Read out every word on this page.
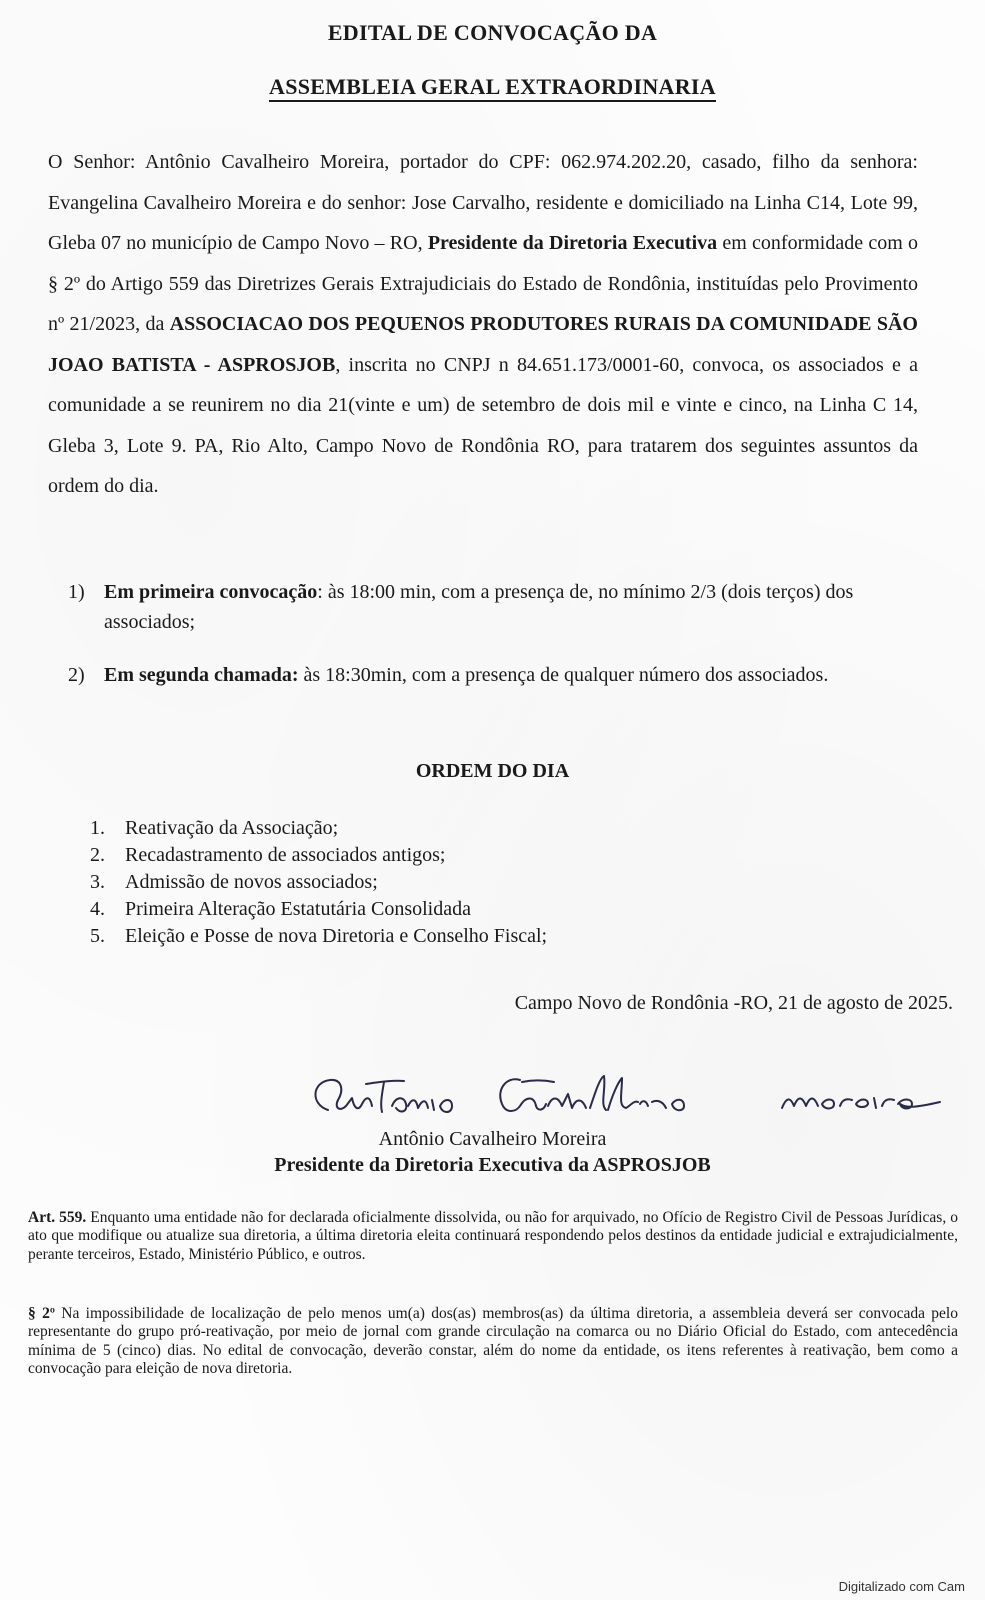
EDITAL DE CONVOCAÇÃO DA
ASSEMBLEIA GERAL EXTRAORDINARIA
O Senhor: Antônio Cavalheiro Moreira, portador do CPF: 062.974.202.20, casado, filho da senhora: Evangelina Cavalheiro Moreira e do senhor: Jose Carvalho, residente e domiciliado na Linha C14, Lote 99, Gleba 07 no município de Campo Novo – RO, Presidente da Diretoria Executiva em conformidade com o § 2º do Artigo 559 das Diretrizes Gerais Extrajudiciais do Estado de Rondônia, instituídas pelo Provimento nº 21/2023, da ASSOCIACAO DOS PEQUENOS PRODUTORES RURAIS DA COMUNIDADE SÃO JOAO BATISTA - ASPROSJOB, inscrita no CNPJ n 84.651.173/0001-60, convoca, os associados e a comunidade a se reunirem no dia 21(vinte e um) de setembro de dois mil e vinte e cinco, na Linha C 14, Gleba 3, Lote 9. PA, Rio Alto, Campo Novo de Rondônia RO, para tratarem dos seguintes assuntos da ordem do dia.
1) Em primeira convocação: às 18:00 min, com a presença de, no mínimo 2/3 (dois terços) dos associados;
2) Em segunda chamada: às 18:30min, com a presença de qualquer número dos associados.
ORDEM DO DIA
1.	Reativação da Associação;
2.	Recadastramento de associados antigos;
3.	Admissão de novos associados;
4.	Primeira Alteração Estatutária Consolidada
5.	Eleição e Posse de nova Diretoria e Conselho Fiscal;
Campo Novo de Rondônia -RO, 21 de agosto de 2025.
Antônio Cavalheiro Moreira
Presidente da Diretoria Executiva da ASPROSJOB
Art. 559. Enquanto uma entidade não for declarada oficialmente dissolvida, ou não for arquivado, no Ofício de Registro Civil de Pessoas Jurídicas, o ato que modifique ou atualize sua diretoria, a última diretoria eleita continuará respondendo pelos destinos da entidade judicial e extrajudicialmente, perante terceiros, Estado, Ministério Público, e outros.
§ 2º Na impossibilidade de localização de pelo menos um(a) dos(as) membros(as) da última diretoria, a assembleia deverá ser convocada pelo representante do grupo pró-reativação, por meio de jornal com grande circulação na comarca ou no Diário Oficial do Estado, com antecedência mínima de 5 (cinco) dias. No edital de convocação, deverão constar, além do nome da entidade, os itens referentes à reativação, bem como a convocação para eleição de nova diretoria.
Digitalizado com Cam
